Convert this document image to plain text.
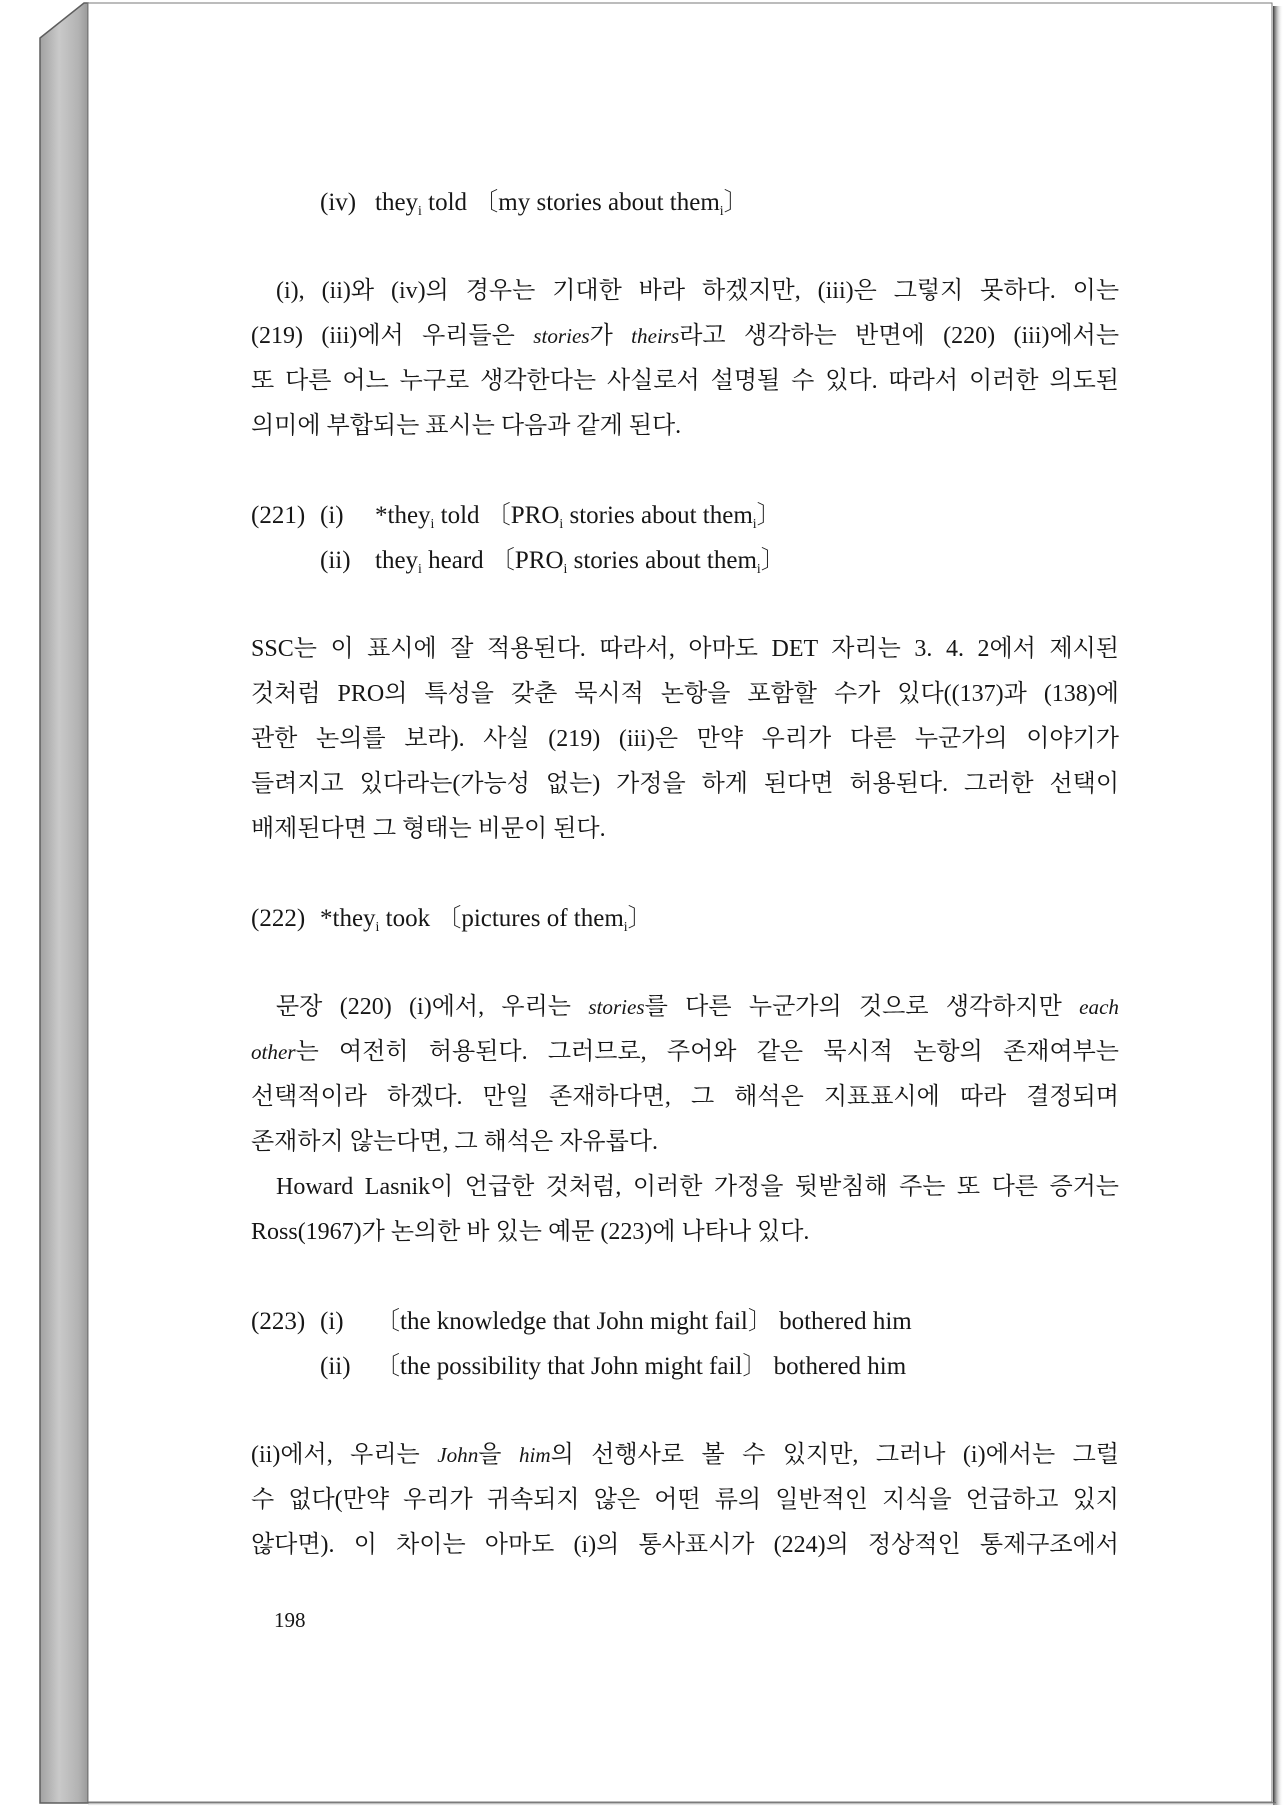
(iv) they$_i$ told 〔my stories about them$_i$〕
(i), (ii)와 (iv)의 경우는 기대한 바라 하겠지만, (iii)은 그렇지 못하다. 이는
(219) (iii)에서 우리들은 stories가 theirs라고 생각하는 반면에 (220) (iii)에서는
또 다른 어느 누구로 생각한다는 사실로서 설명될 수 있다. 따라서 이러한 의도된
의미에 부합되는 표시는 다음과 같게 된다.
(221) (i)	*they$_i$ told 〔$PRO_i$ stories about them$_i$〕
(ii) they$_i$ heard 〔$PRO_i$ stories about them$_i$〕
SSC는 이 표시에 잘 적용된다. 따라서, 아마도 DET 자리는 3. 4. 2에서 제시된
것처럼 PRO의 특성을 갖춘 묵시적 논항을 포함할 수가 있다((137)과 (138)에
관한 논의를 보라). 사실 (219) (iii)은 만약 우리가 다른 누군가의 이야기가
들려지고 있다라는(가능성 없는) 가정을 하게 된다면 허용된다. 그러한 선택이
배제된다면 그 형태는 비문이 된다.
(222) *they$_i$ took 〔pictures of them$_i$〕
문장 (220) (i)에서, 우리는 stories를 다른 누군가의 것으로 생각하지만 each
other는 여전히 허용된다. 그러므로, 주어와 같은 묵시적 논항의 존재여부는
선택적이라 하겠다. 만일 존재하다면, 그 해석은 지표표시에 따라 결정되며
존재하지 않는다면, 그 해석은 자유롭다.
Howard Lasnik이 언급한 것처럼, 이러한 가정을 뒷받침해 주는 또 다른 증거는
Ross(1967)가 논의한 바 있는 예문 (223)에 나타나 있다.
(223) (i)	〔the knowledge that John might fail〕 bothered him
(ii) 〔the possibility that John might fail〕 bothered him
(ii)에서, 우리는 John을 him의 선행사로 볼 수 있지만, 그러나 (i)에서는 그럴
수 없다(만약 우리가 귀속되지 않은 어떤 류의 일반적인 지식을 언급하고 있지
않다면). 이 차이는 아마도 (i)의 통사표시가 (224)의 정상적인 통제구조에서
198
